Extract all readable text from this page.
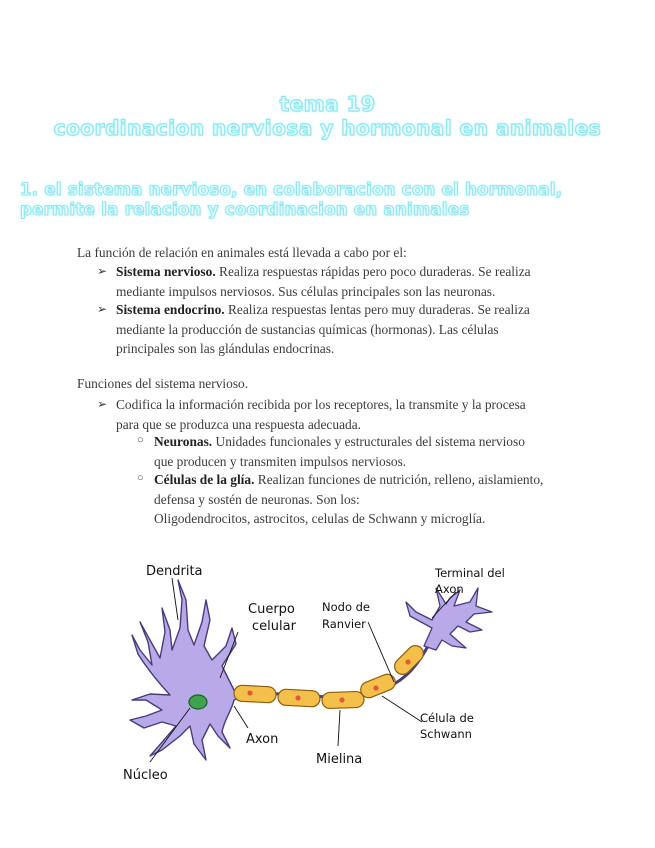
tema 19
coordinacion nerviosa y hormonal en animales
1. el sistema nervioso, en colaboracion con el hormonal,
permite la relacion y coordinacion en animales
La función de relación en animales está llevada a cabo por el:
➢ Sistema nervioso. Realiza respuestas rápidas pero poco duraderas. Se realiza
mediante impulsos nerviosos. Sus células principales son las neuronas.
➢ Sistema endocrino. Realiza respuestas lentas pero muy duraderas. Se realiza
mediante la producción de sustancias químicas (hormonas). Las células
principales son las glándulas endocrinas.
Funciones del sistema nervioso.
➢ Codifica la información recibida por los receptores, la transmite y la procesa
para que se produzca una respuesta adecuada.
○ Neuronas. Unidades funcionales y estructurales del sistema nervioso
que producen y transmiten impulsos nerviosos.
○ Células de la glía. Realizan funciones de nutrición, relleno, aislamiento,
defensa y sostén de neuronas. Son los:
Oligodendrocitos, astrocitos, celulas de Schwann y microglía.
Dendrita
Cuerpo
celular
Nodo de
Ranvier
Terminal del
Axon
Axon
Célula de
Schwann
Mielina
Núcleo
